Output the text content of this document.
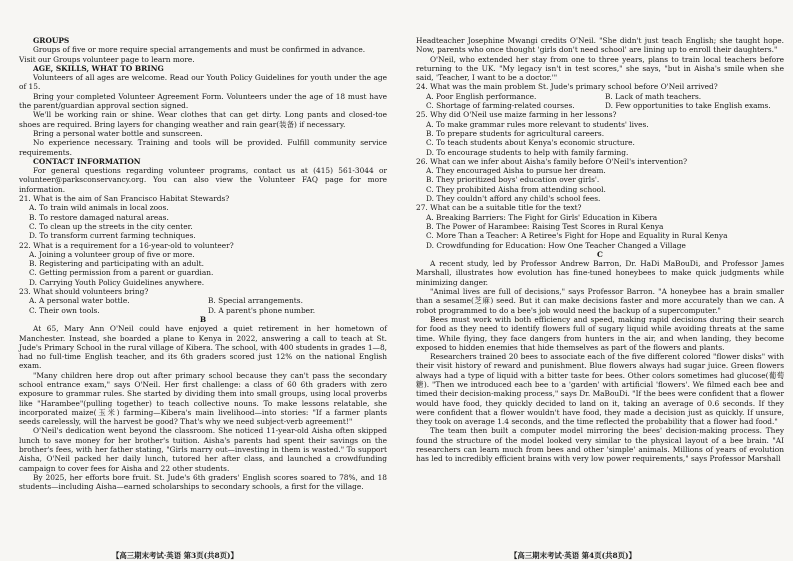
GROUPS

Groups of five or more require special arrangements and must be confirmed in advance.

Visit our Groups volunteer page to learn more.

AGE, SKILLS, WHAT TO BRING

Volunteers of all ages are welcome. Read our Youth Policy Guidelines for youth under the age of 15.

Bring your completed Volunteer Agreement Form. Volunteers under the age of 18 must have the parent/guardian approval section signed.

We'll be working rain or shine. Wear clothes that can get dirty. Long pants and closed-toe shoes are required. Bring layers for changing weather and rain gear(装备) if necessary.

Bring a personal water bottle and sunscreen.

No experience necessary. Training and tools will be provided. Fulfill community service requirements.

CONTACT INFORMATION

For general questions regarding volunteer programs, contact us at (415) 561-3044 or volunteer@parksconservancy.org. You can also view the Volunteer FAQ page for more information.

21. What is the aim of San Francisco Habitat Stewards?

A. To train wild animals in local zoos.

B. To restore damaged natural areas.

C. To clean up the streets in the city center.

D. To transform current farming techniques.

22. What is a requirement for a 16-year-old to volunteer?

A. Joining a volunteer group of five or more.

B. Registering and participating with an adult.

C. Getting permission from a parent or guardian.

D. Carrying Youth Policy Guidelines anywhere.

23. What should volunteers bring?

A. A personal water bottle.	B. Special arrangements.
C. Their own tools.	D. A parent's phone number.

B

At 65, Mary Ann O'Neil could have enjoyed a quiet retirement in her hometown of Manchester. Instead, she boarded a plane to Kenya in 2022, answering a call to teach at St. Jude's Primary School in the rural village of Kibera. The school, with 400 students in grades 1—8, had no full-time English teacher, and its 6th graders scored just 12% on the national English exam.

"Many children here drop out after primary school because they can't pass the secondary school entrance exam," says O'Neil. Her first challenge: a class of 60 6th graders with zero exposure to grammar rules. She started by dividing them into small groups, using local proverbs like "Harambee"(pulling together) to teach collective nouns. To make lessons relatable, she incorporated maize(玉米) farming—Kibera's main livelihood—into stories: "If a farmer plants seeds carelessly, will the harvest be good? That's why we need subject-verb agreement!"

O'Neil's dedication went beyond the classroom. She noticed 11-year-old Aisha often skipped lunch to save money for her brother's tuition. Aisha's parents had spent their savings on the brother's fees, with her father stating, "Girls marry out—investing in them is wasted." To support Aisha, O'Neil packed her daily lunch, tutored her after class, and launched a crowdfunding campaign to cover fees for Aisha and 22 other students.

By 2025, her efforts bore fruit. St. Jude's 6th graders' English scores soared to 78%, and 18 students—including Aisha—earned scholarships to secondary schools, a first for the village.

Headteacher Josephine Mwangi credits O'Neil. "She didn't just teach English; she taught hope. Now, parents who once thought 'girls don't need school' are lining up to enroll their daughters."

O'Neil, who extended her stay from one to three years, plans to train local teachers before returning to the UK. "My legacy isn't in test scores," she says, "but in Aisha's smile when she said, 'Teacher, I want to be a doctor.'"

24. What was the main problem St. Jude's primary school before O'Neil arrived?

A. Poor English performance.	B. Lack of math teachers.
C. Shortage of farming-related courses.	D. Few opportunities to take English exams.

25. Why did O'Neil use maize farming in her lessons?

A. To make grammar rules more relevant to students' lives.

B. To prepare students for agricultural careers.

C. To teach students about Kenya's economic structure.

D. To encourage students to help with family farming.

26. What can we infer about Aisha's family before O'Neil's intervention?

A. They encouraged Aisha to pursue her dream.

B. They prioritized boys' education over girls'.

C. They prohibited Aisha from attending school.

D. They couldn't afford any child's school fees.

27. What can be a suitable title for the text?

A. Breaking Barriers: The Fight for Girls' Education in Kibera

B. The Power of Harambee: Raising Test Scores in Rural Kenya

C. More Than a Teacher: A Retiree's Fight for Hope and Equality in Rural Kenya

D. Crowdfunding for Education: How One Teacher Changed a Village

C

A recent study, led by Professor Andrew Barron, Dr. HaDi MaBouDi, and Professor James Marshall, illustrates how evolution has fine-tuned honeybees to make quick judgments while minimizing danger.

"Animal lives are full of decisions," says Professor Barron. "A honeybee has a brain smaller than a sesame(芝麻) seed. But it can make decisions faster and more accurately than we can. A robot programmed to do a bee's job would need the backup of a supercomputer."

Bees must work with both efficiency and speed, making rapid decisions during their search for food as they need to identify flowers full of sugary liquid while avoiding threats at the same time. While flying, they face dangers from hunters in the air, and when landing, they become exposed to hidden enemies that hide themselves as part of the flowers and plants.

Researchers trained 20 bees to associate each of the five different colored "flower disks" with their visit history of reward and punishment. Blue flowers always had sugar juice. Green flowers always had a type of liquid with a bitter taste for bees. Other colors sometimes had glucose(葡萄糖). "Then we introduced each bee to a 'garden' with artificial 'flowers'. We filmed each bee and timed their decision-making process," says Dr. MaBouDi. "If the bees were confident that a flower would have food, they quickly decided to land on it, taking an average of 0.6 seconds. If they were confident that a flower wouldn't have food, they made a decision just as quickly. If unsure, they took on average 1.4 seconds, and the time reflected the probability that a flower had food."

The team then built a computer model mirroring the bees' decision-making process. They found the structure of the model looked very similar to the physical layout of a bee brain. "AI researchers can learn much from bees and other 'simple' animals. Millions of years of evolution has led to incredibly efficient brains with very low power requirements," says Professor Marshall

【高三期末考试·英语 第3页(共8页)】	【高三期末考试·英语 第4页(共8页)】
